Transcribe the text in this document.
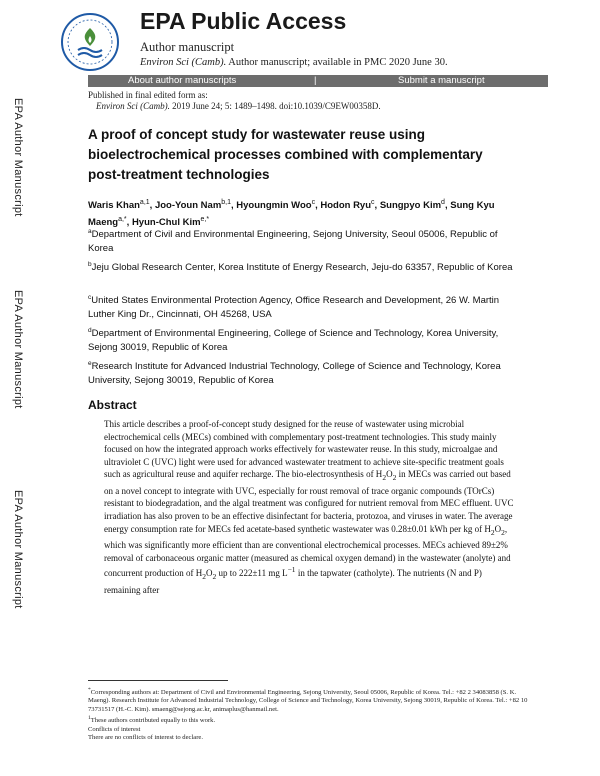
EPA Author Manuscript
EPA Author Manuscript
EPA Author Manuscript
EPA Public Access
Author manuscript
Environ Sci (Camb). Author manuscript; available in PMC 2020 June 30.
About author manuscripts	|	Submit a manuscript
Published in final edited form as:
Environ Sci (Camb). 2019 June 24; 5: 1489–1498. doi:10.1039/C9EW00358D.
A proof of concept study for wastewater reuse using bioelectrochemical processes combined with complementary post-treatment technologies
Waris Khan$^{a,1}$, Joo-Youn Nam$^{b,1}$, Hyoungmin Woo$^c$, Hodon Ryu$^c$, Sungpyo Kim$^d$, Sung Kyu Maeng$^{a,*}$, Hyun-Chul Kim$^{e,*}$
$^a$Department of Civil and Environmental Engineering, Sejong University, Seoul 05006, Republic of Korea
$^b$Jeju Global Research Center, Korea Institute of Energy Research, Jeju-do 63357, Republic of Korea
$^c$United States Environmental Protection Agency, Office Research and Development, 26 W. Martin Luther King Dr., Cincinnati, OH 45268, USA
$^d$Department of Environmental Engineering, College of Science and Technology, Korea University, Sejong 30019, Republic of Korea
$^e$Research Institute for Advanced Industrial Technology, College of Science and Technology, Korea University, Sejong 30019, Republic of Korea
Abstract
This article describes a proof-of-concept study designed for the reuse of wastewater using microbial electrochemical cells (MECs) combined with complementary post-treatment technologies. This study mainly focused on how the integrated approach works effectively for wastewater reuse. In this study, microalgae and ultraviolet C (UVC) light were used for advanced wastewater treatment to achieve site-specific treatment goals such as agricultural reuse and aquifer recharge. The bio-electrosynthesis of $H_2O_2$ in MECs was carried out based on a novel concept to integrate with UVC, especially for roust removal of trace organic compounds (TOrCs) resistant to biodegradation, and the algal treatment was configured for nutrient removal from MEC effluent. UVC irradiation has also proven to be an effective disinfectant for bacteria, protozoa, and viruses in water. The average energy consumption rate for MECs fed acetate-based synthetic wastewater was 0.28±0.01 kWh per kg of $H_2O_2$, which was significantly more efficient than are conventional electrochemical processes. MECs achieved 89±2% removal of carbonaceous organic matter (measured as chemical oxygen demand) in the wastewater (anolyte) and concurrent production of $H_2O_2$ up to 222±11 mg $L^{-1}$ in the tapwater (catholyte). The nutrients (N and P) remaining after

*Corresponding authors at: Department of Civil and Environmental Engineering, Sejong University, Seoul 05006, Republic of Korea. Tel.: +82 2 34083858 (S. K. Maeng). Research Institute for Advanced Industrial Technology, College of Science and Technology, Korea University, Sejong 30019, Republic of Korea. Tel.: +82 10 73731517 (H.-C. Kim). smaeng@sejong.ac.kr, animaplus@hanmail.net.

$^1$These authors contributed equally to this work.

Conflicts of interest

There are no conflicts of interest to declare.
